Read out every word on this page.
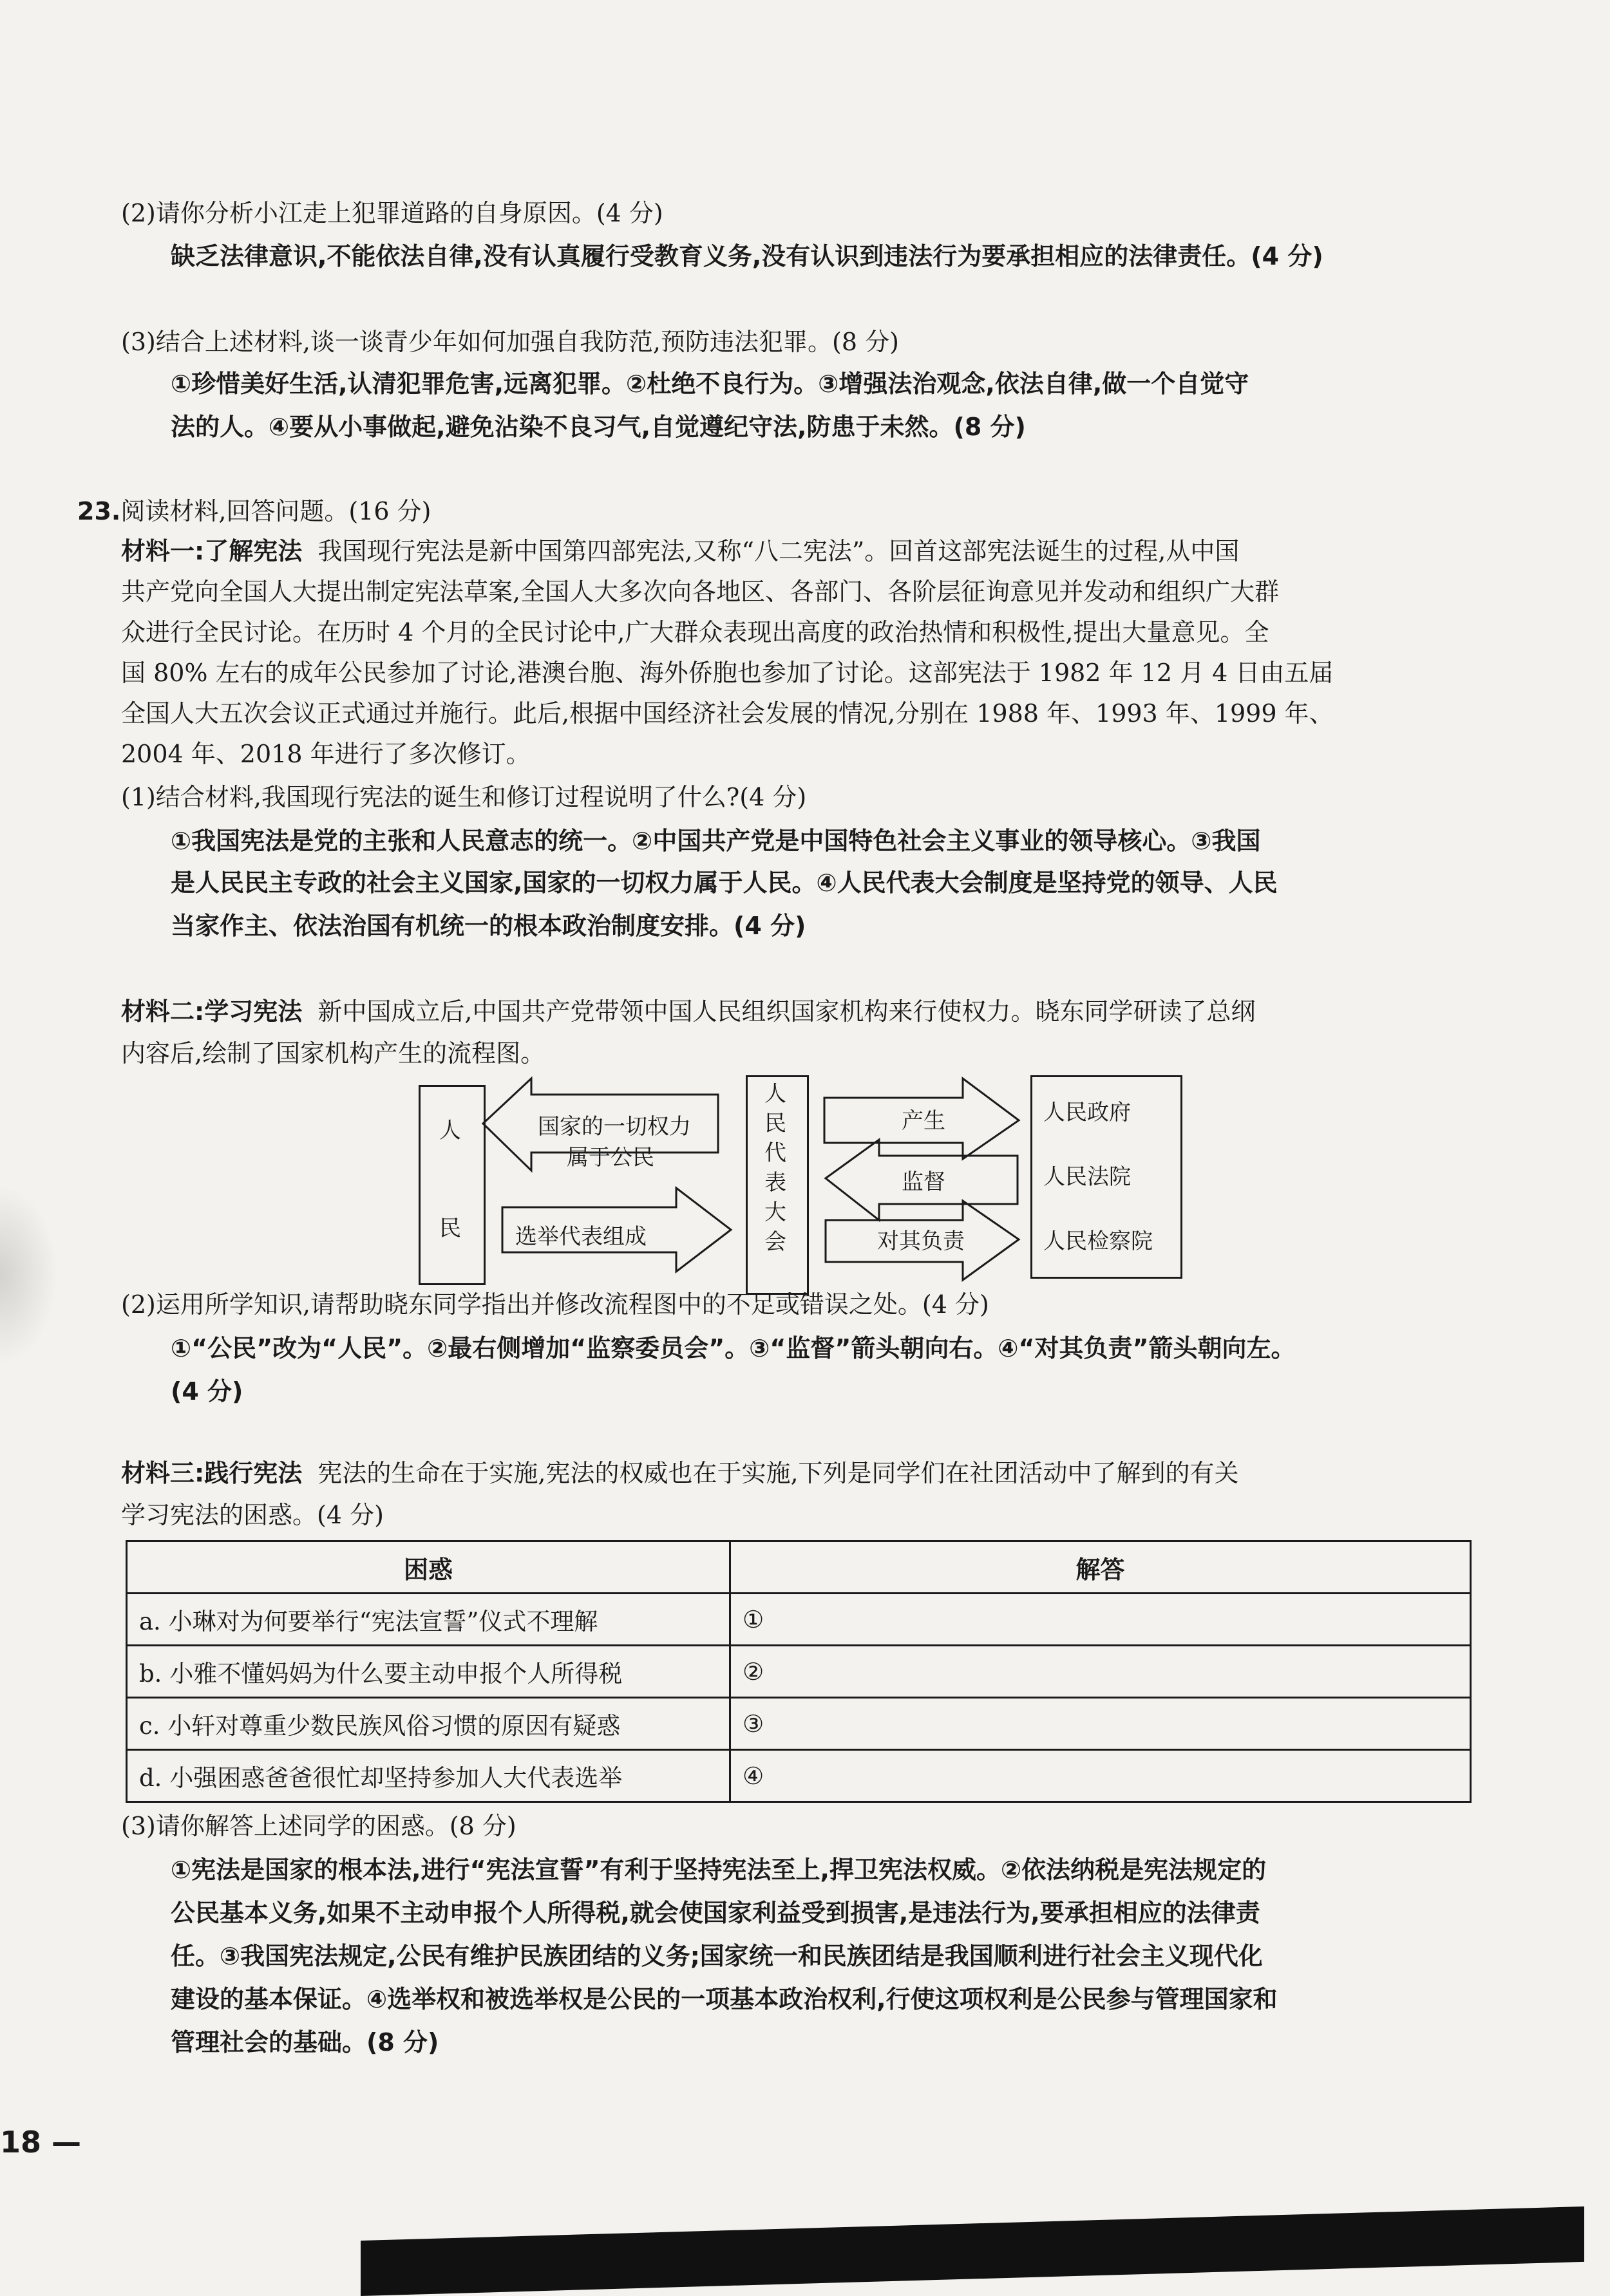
(2)请你分析小江走上犯罪道路的自身原因。(4 分)
缺乏法律意识,不能依法自律,没有认真履行受教育义务,没有认识到违法行为要承担相应的法律责任。(4 分)
(3)结合上述材料,谈一谈青少年如何加强自我防范,预防违法犯罪。(8 分)
①珍惜美好生活,认清犯罪危害,远离犯罪。②杜绝不良行为。③增强法治观念,依法自律,做一个自觉守
法的人。④要从小事做起,避免沾染不良习气,自觉遵纪守法,防患于未然。(8 分)
23.阅读材料,回答问题。(16 分)
材料一:了解宪法 我国现行宪法是新中国第四部宪法,又称“八二宪法”。回首这部宪法诞生的过程,从中国
共产党向全国人大提出制定宪法草案,全国人大多次向各地区、各部门、各阶层征询意见并发动和组织广大群
众进行全民讨论。在历时 4 个月的全民讨论中,广大群众表现出高度的政治热情和积极性,提出大量意见。全
国 80% 左右的成年公民参加了讨论,港澳台胞、海外侨胞也参加了讨论。这部宪法于 1982 年 12 月 4 日由五届
全国人大五次会议正式通过并施行。此后,根据中国经济社会发展的情况,分别在 1988 年、1993 年、1999 年、
2004 年、2018 年进行了多次修订。
(1)结合材料,我国现行宪法的诞生和修订过程说明了什么?(4 分)
①我国宪法是党的主张和人民意志的统一。②中国共产党是中国特色社会主义事业的领导核心。③我国
是人民民主专政的社会主义国家,国家的一切权力属于人民。④人民代表大会制度是坚持党的领导、人民
当家作主、依法治国有机统一的根本政治制度安排。(4 分)
材料二:学习宪法 新中国成立后,中国共产党带领中国人民组织国家机构来行使权力。晓东同学研读了总纲
内容后,绘制了国家机构产生的流程图。
人
民
国家的一切权力
属于公民
选举代表组成
人
民
代
表
大
会
产生
监督
对其负责
人民政府
人民法院
人民检察院
(2)运用所学知识,请帮助晓东同学指出并修改流程图中的不足或错误之处。(4 分)
①“公民”改为“人民”。②最右侧增加“监察委员会”。③“监督”箭头朝向右。④“对其负责”箭头朝向左。
(4 分)
材料三:践行宪法 宪法的生命在于实施,宪法的权威也在于实施,下列是同学们在社团活动中了解到的有关
学习宪法的困惑。(4 分)
困惑	解答
a. 小琳对为何要举行“宪法宣誓”仪式不理解	①
b. 小雅不懂妈妈为什么要主动申报个人所得税	②
c. 小轩对尊重少数民族风俗习惯的原因有疑惑	③
d. 小强困惑爸爸很忙却坚持参加人大代表选举	④
(3)请你解答上述同学的困惑。(8 分)
①宪法是国家的根本法,进行“宪法宣誓”有利于坚持宪法至上,捍卫宪法权威。②依法纳税是宪法规定的
公民基本义务,如果不主动申报个人所得税,就会使国家利益受到损害,是违法行为,要承担相应的法律责
任。③我国宪法规定,公民有维护民族团结的义务;国家统一和民族团结是我国顺利进行社会主义现代化
建设的基本保证。④选举权和被选举权是公民的一项基本政治权利,行使这项权利是公民参与管理国家和
管理社会的基础。(8 分)
18 —
